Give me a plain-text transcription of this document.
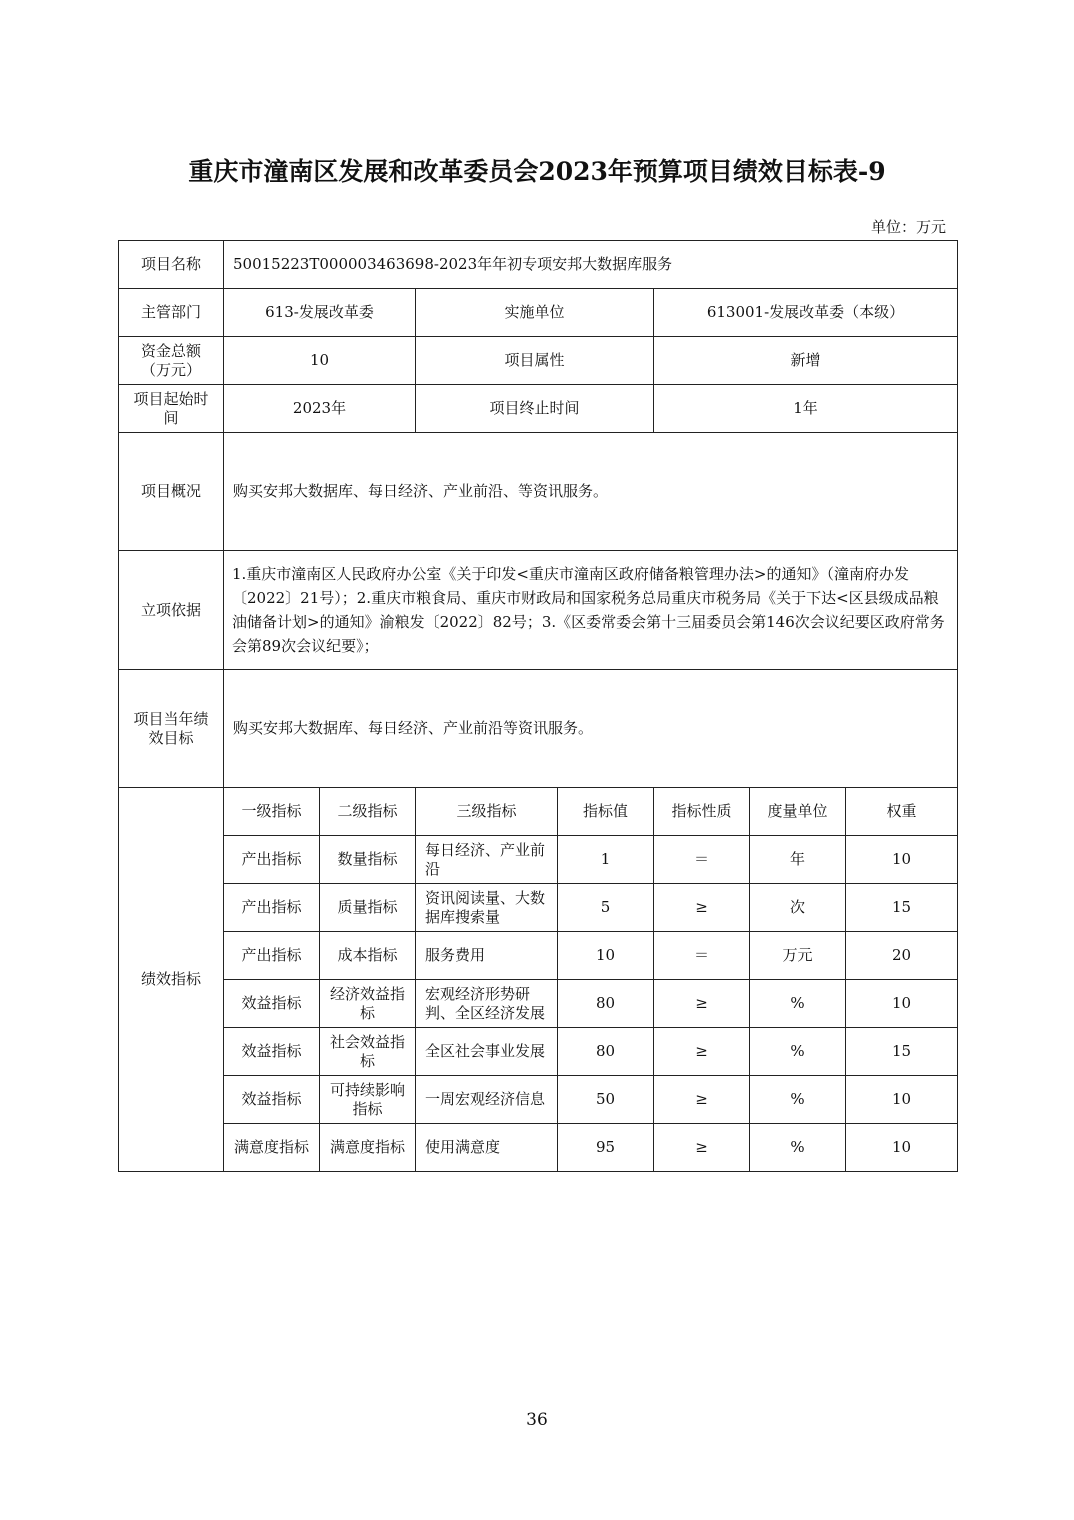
重庆市潼南区发展和改革委员会2023年预算项目绩效目标表-9
单位：万元
项目名称	50015223T000003463698-2023年年初专项安邦大数据库服务						
主管部门	613-发展改革委		实施单位		613001-发展改革委（本级）		
资金总额（万元）	10		项目属性		新增		
项目起始时间	2023年		项目终止时间		1年		
项目概况	购买安邦大数据库、每日经济、产业前沿、等资讯服务。						
立项依据	1.重庆市潼南区人民政府办公室《关于印发<重庆市潼南区政府储备粮管理办法>的通知》（潼南府办发〔2022〕21号）；2.重庆市粮食局、重庆市财政局和国家税务总局重庆市税务局《关于下达<区县级成品粮油储备计划>的通知》渝粮发〔2022〕82号；3.《区委常委会第十三届委员会第146次会议纪要区政府常务会第89次会议纪要》；						
项目当年绩效目标	购买安邦大数据库、每日经济、产业前沿等资讯服务。						
绩效指标	一级指标	二级指标	三级指标	指标值	指标性质	度量单位	权重
	产出指标	数量指标	每日经济、产业前沿	1	＝	年	10
	产出指标	质量指标	资讯阅读量、大数据库搜索量	5	≥	次	15
	产出指标	成本指标	服务费用	10	＝	万元	20
	效益指标	经济效益指标	宏观经济形势研判、全区经济发展	80	≥	%	10
	效益指标	社会效益指标	全区社会事业发展	80	≥	%	15
	效益指标	可持续影响指标	一周宏观经济信息	50	≥	%	10
	满意度指标	满意度指标	使用满意度	95	≥	%	10
36
